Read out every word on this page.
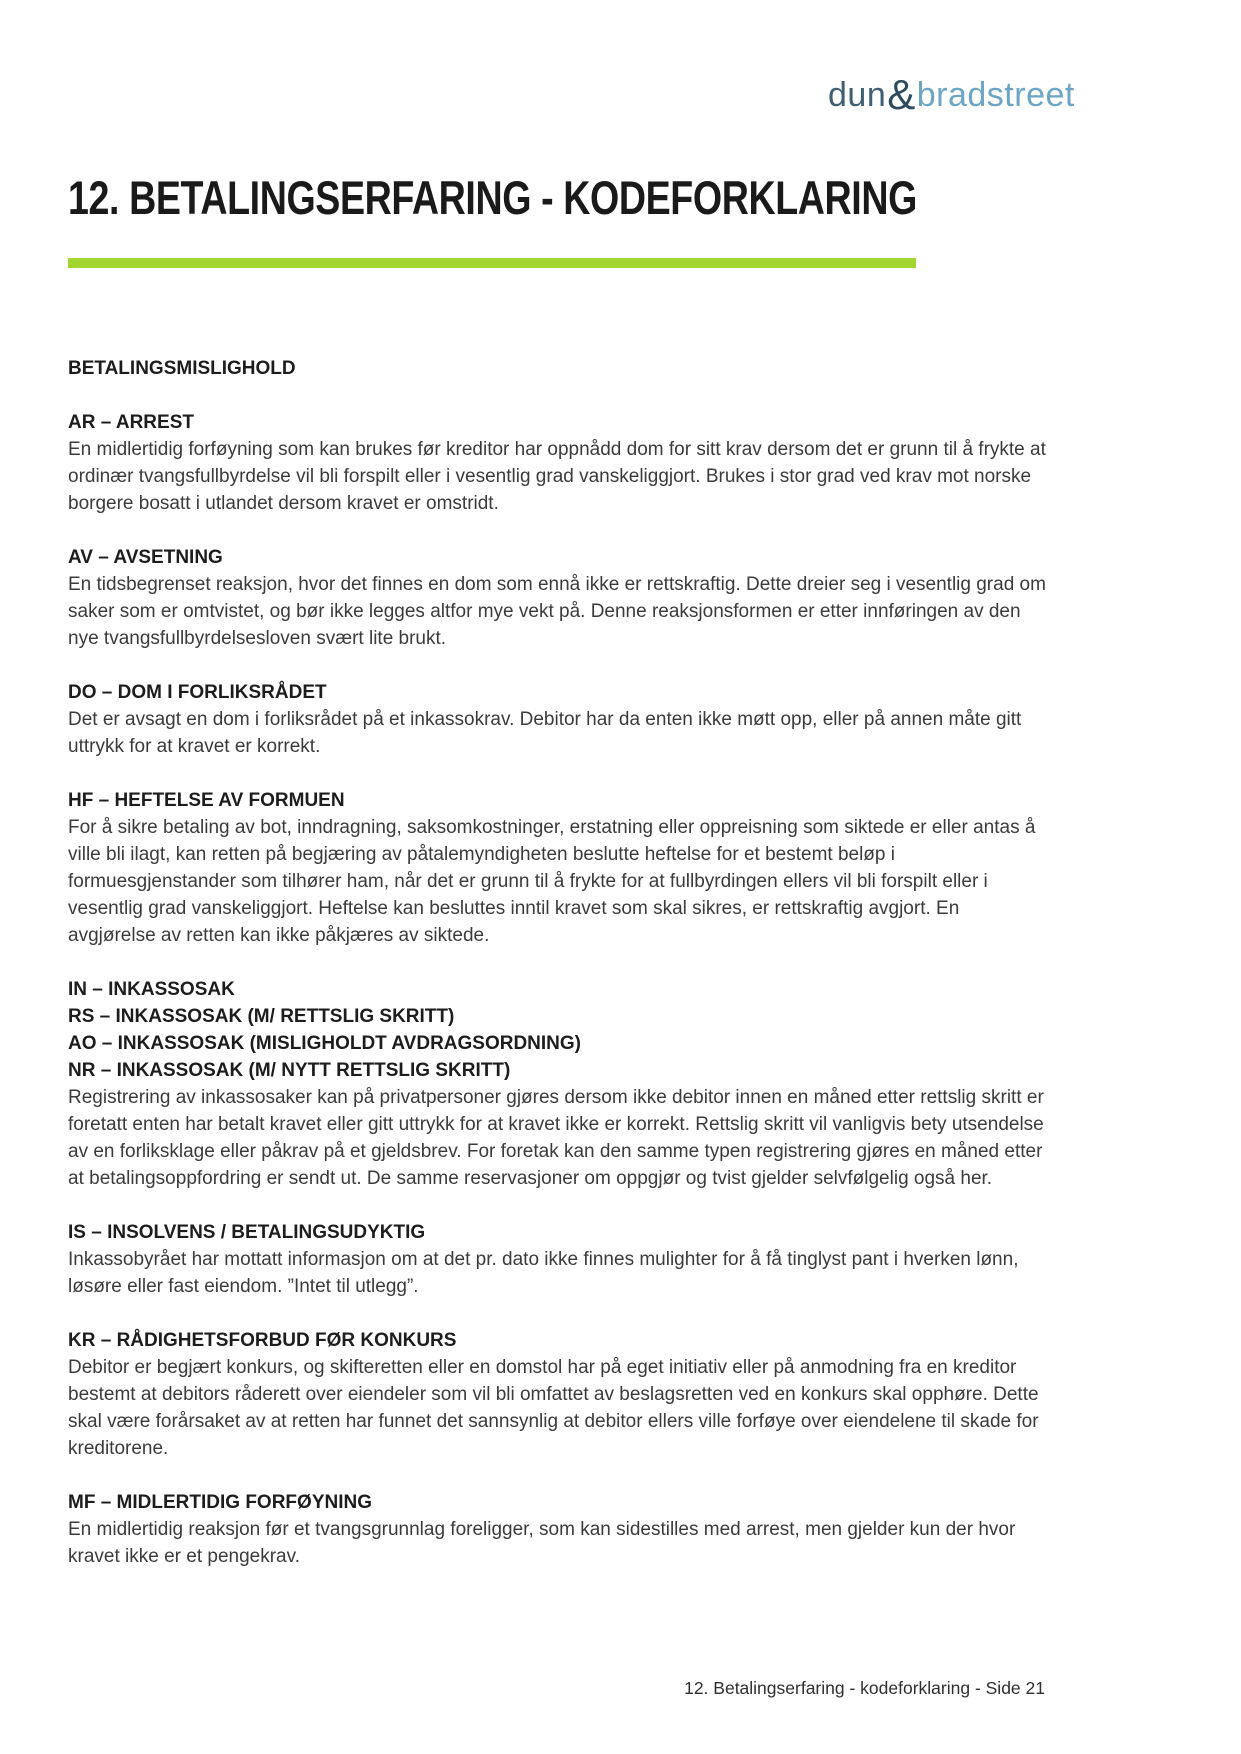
dun&bradstreet
12. BETALINGSERFARING - KODEFORKLARING
BETALINGSMISLIGHOLD
AR – ARREST

En midlertidig forføyning som kan brukes før kreditor har oppnådd dom for sitt krav dersom det er grunn til å frykte at ordinær tvangsfullbyrdelse vil bli forspilt eller i vesentlig grad vanskeliggjort. Brukes i stor grad ved krav mot norske borgere bosatt i utlandet dersom kravet er omstridt.

AV – AVSETNING

En tidsbegrenset reaksjon, hvor det finnes en dom som ennå ikke er rettskraftig. Dette dreier seg i vesentlig grad om saker som er omtvistet, og bør ikke legges altfor mye vekt på. Denne reaksjonsformen er etter innføringen av den nye tvangsfullbyrdelsesloven svært lite brukt.

DO – DOM I FORLIKSRÅDET

Det er avsagt en dom i forliksrådet på et inkassokrav. Debitor har da enten ikke møtt opp, eller på annen måte gitt uttrykk for at kravet er korrekt.

HF – HEFTELSE AV FORMUEN

For å sikre betaling av bot, inndragning, saksomkostninger, erstatning eller oppreisning som siktede er eller antas å ville bli ilagt, kan retten på begjæring av påtalemyndigheten beslutte heftelse for et bestemt beløp i formuesgjenstander som tilhører ham, når det er grunn til å frykte for at fullbyrdingen ellers vil bli forspilt eller i vesentlig grad vanskeliggjort. Heftelse kan besluttes inntil kravet som skal sikres, er rettskraftig avgjort. En avgjørelse av retten kan ikke påkjæres av siktede.

IN – INKASSOSAK
RS – INKASSOSAK (M/ RETTSLIG SKRITT)
AO – INKASSOSAK (MISLIGHOLDT AVDRAGSORDNING)
NR – INKASSOSAK (M/ NYTT RETTSLIG SKRITT)

Registrering av inkassosaker kan på privatpersoner gjøres dersom ikke debitor innen en måned etter rettslig skritt er foretatt enten har betalt kravet eller gitt uttrykk for at kravet ikke er korrekt. Rettslig skritt vil vanligvis bety utsendelse av en forliksklage eller påkrav på et gjeldsbrev. For foretak kan den samme typen registrering gjøres en måned etter at betalingsoppfordring er sendt ut. De samme reservasjoner om oppgjør og tvist gjelder selvfølgelig også her.

IS – INSOLVENS / BETALINGSUDYKTIG

Inkassobyrået har mottatt informasjon om at det pr. dato ikke finnes mulighter for å få tinglyst pant i hverken lønn, løsøre eller fast eiendom. ”Intet til utlegg”.

KR – RÅDIGHETSFORBUD FØR KONKURS

Debitor er begjært konkurs, og skifteretten eller en domstol har på eget initiativ eller på anmodning fra en kreditor bestemt at debitors råderett over eiendeler som vil bli omfattet av beslagsretten ved en konkurs skal opphøre. Dette skal være forårsaket av at retten har funnet det sannsynlig at debitor ellers ville forføye over eiendelene til skade for kreditorene.

MF – MIDLERTIDIG FORFØYNING

En midlertidig reaksjon før et tvangsgrunnlag foreligger, som kan sidestilles med arrest, men gjelder kun der hvor kravet ikke er et pengekrav.

12. Betalingserfaring - kodeforklaring - Side 21
